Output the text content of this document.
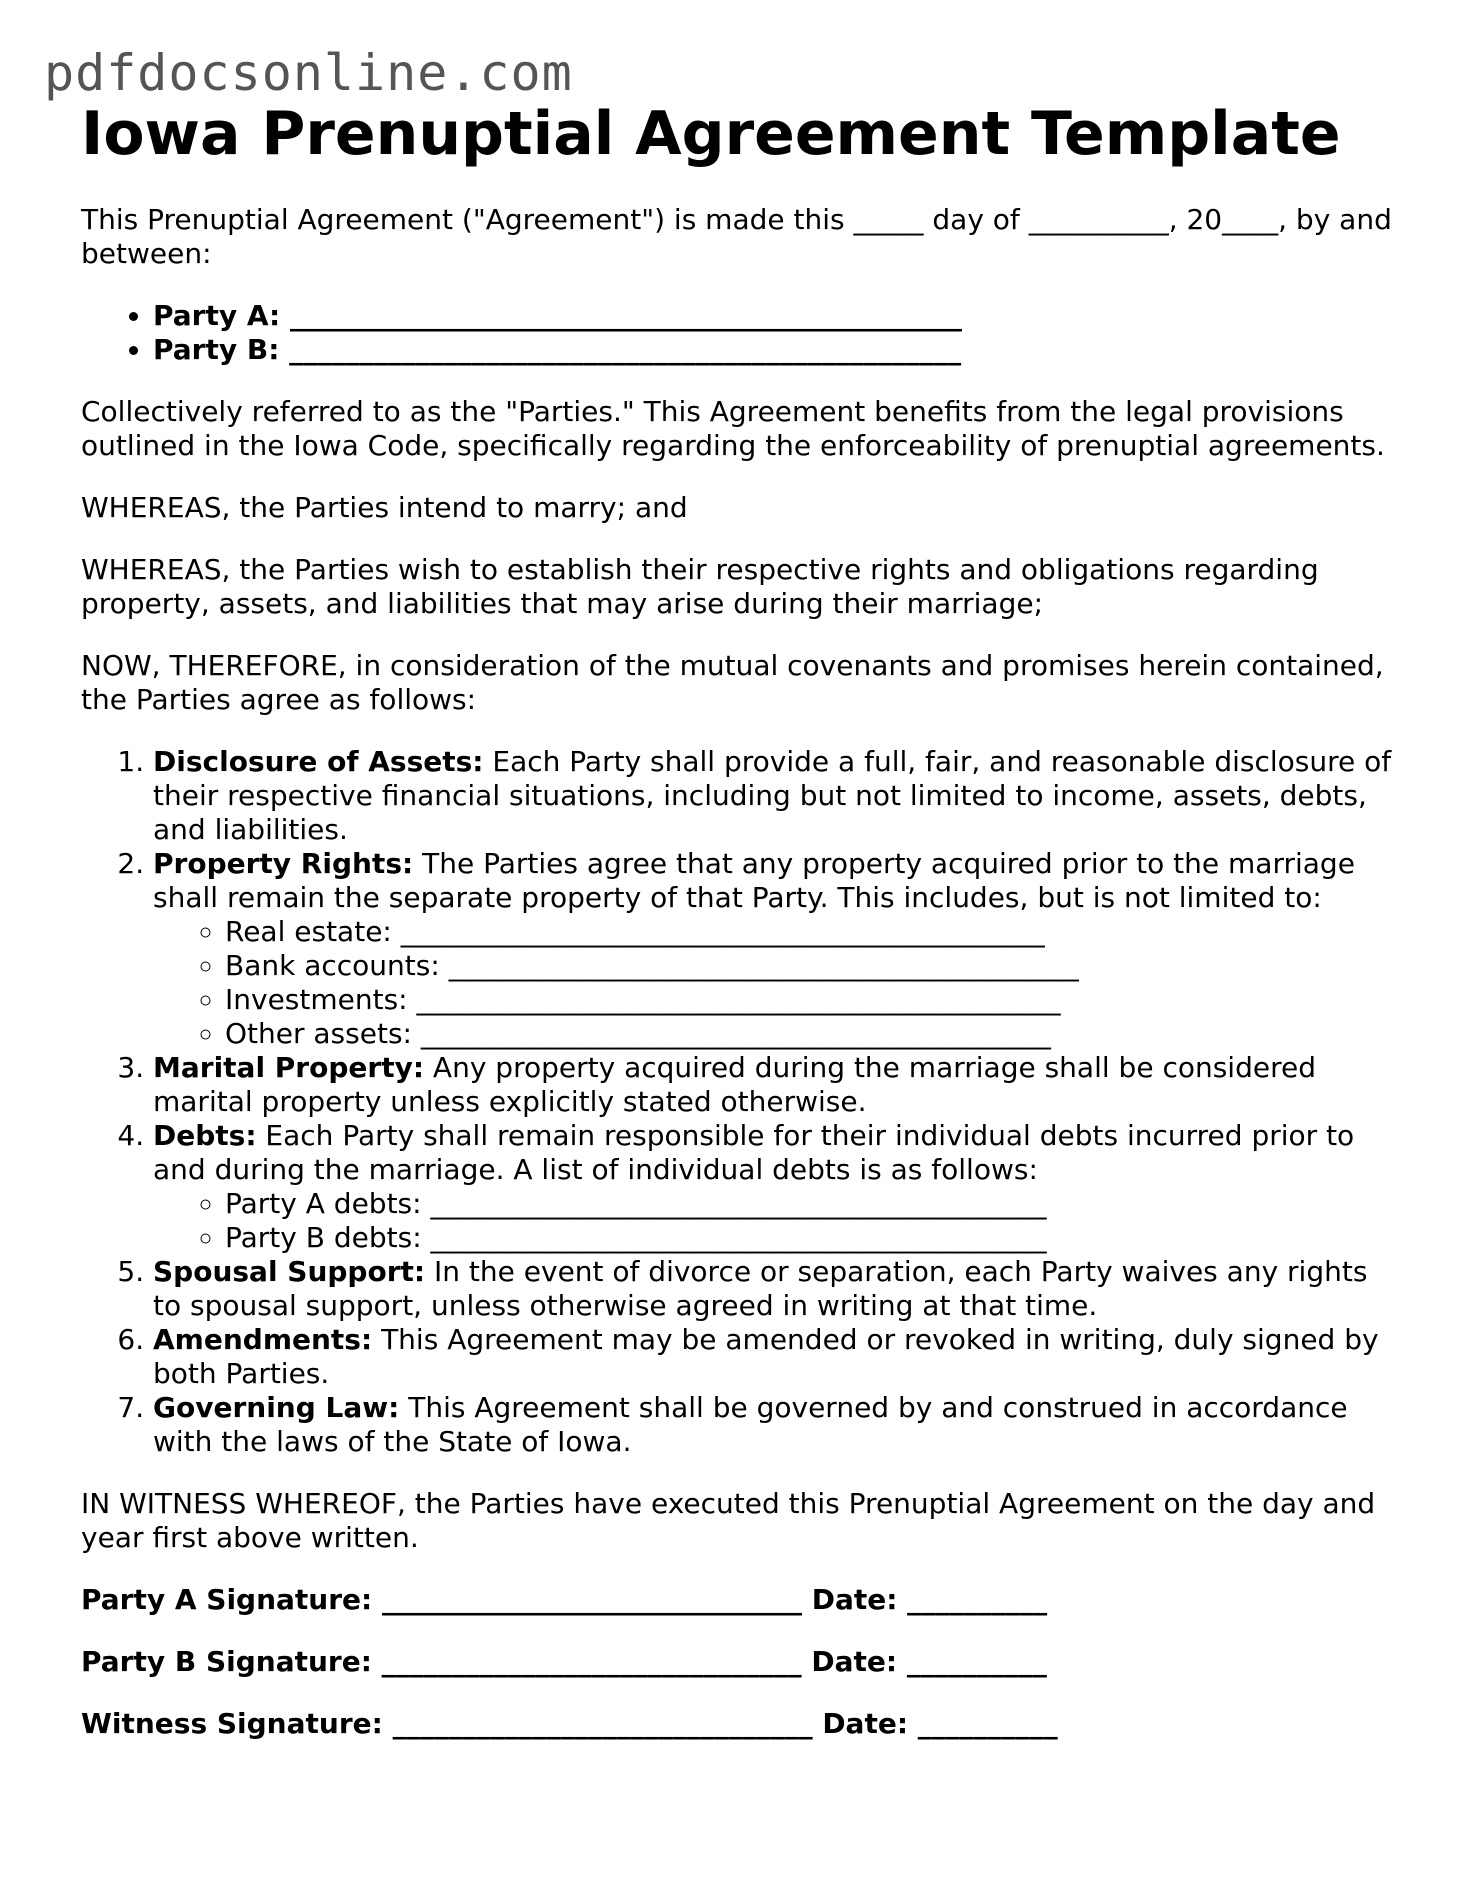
pdfdocsonline.com
Iowa Prenuptial Agreement Template

This Prenuptial Agreement ("Agreement") is made this _____ day of __________, 20____, by and between:

• Party A: ________________________________________________
• Party B: ________________________________________________

Collectively referred to as the "Parties." This Agreement benefits from the legal provisions outlined in the Iowa Code, specifically regarding the enforceability of prenuptial agreements.

WHEREAS, the Parties intend to marry; and

WHEREAS, the Parties wish to establish their respective rights and obligations regarding property, assets, and liabilities that may arise during their marriage;

NOW, THEREFORE, in consideration of the mutual covenants and promises herein contained, the Parties agree as follows:

1. Disclosure of Assets: Each Party shall provide a full, fair, and reasonable disclosure of their respective financial situations, including but not limited to income, assets, debts, and liabilities.
2. Property Rights: The Parties agree that any property acquired prior to the marriage shall remain the separate property of that Party. This includes, but is not limited to:
◦ Real estate: ______________________________________________
◦ Bank accounts: _____________________________________________
◦ Investments: ______________________________________________
◦ Other assets: _____________________________________________
3. Marital Property: Any property acquired during the marriage shall be considered marital property unless explicitly stated otherwise.
4. Debts: Each Party shall remain responsible for their individual debts incurred prior to and during the marriage. A list of individual debts is as follows:
◦ Party A debts: ____________________________________________
◦ Party B debts: ____________________________________________
5. Spousal Support: In the event of divorce or separation, each Party waives any rights to spousal support, unless otherwise agreed in writing at that time.
6. Amendments: This Agreement may be amended or revoked in writing, duly signed by both Parties.
7. Governing Law: This Agreement shall be governed by and construed in accordance with the laws of the State of Iowa.

IN WITNESS WHEREOF, the Parties have executed this Prenuptial Agreement on the day and year first above written.

Party A Signature: ______________________________ Date: __________
Party B Signature: ______________________________ Date: __________
Witness Signature: ______________________________ Date: __________
